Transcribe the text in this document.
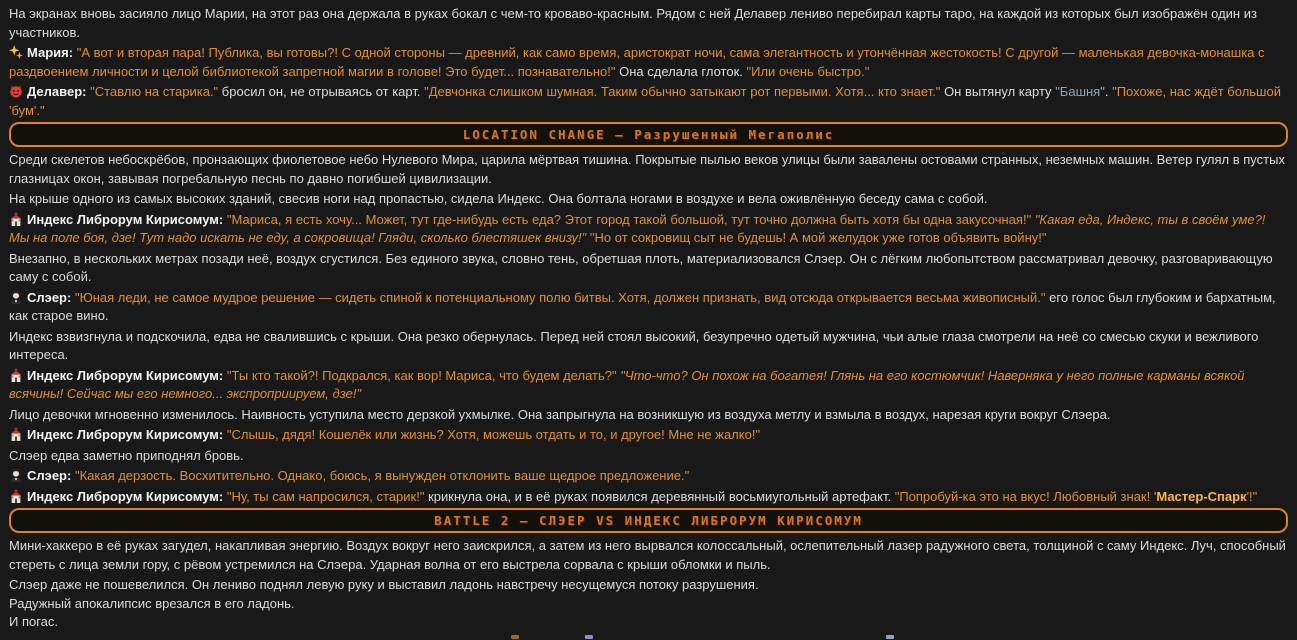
На экранах вновь засияло лицо Марии, на этот раз она держала в руках бокал с чем-то кроваво-красным. Рядом с ней Делавер лениво перебирал карты таро, на каждой из которых был изображён один из участников.

Мария: "А вот и вторая пара! Публика, вы готовы?! С одной стороны — древний, как само время, аристократ ночи, сама элегантность и утончённая жестокость! С другой — маленькая девочка-монашка с раздвоением личности и целой библиотекой запретной магии в голове! Это будет... познавательно!" Она сделала глоток. "Или очень быстро."

Делавер: "Ставлю на старика." бросил он, не отрываясь от карт. "Девчонка слишком шумная. Таким обычно затыкают рот первыми. Хотя... кто знает." Он вытянул карту "Башня". "Похоже, нас ждёт большой 'бум'."

LOCATION CHANGE – Разрушенный Мегаполис

Среди скелетов небоскрёбов, пронзающих фиолетовое небо Нулевого Мира, царила мёртвая тишина. Покрытые пылью веков улицы были завалены остовами странных, неземных машин. Ветер гулял в пустых глазницах окон, завывая погребальную песнь по давно погибшей цивилизации.

На крыше одного из самых высоких зданий, свесив ноги над пропастью, сидела Индекс. Она болтала ногами в воздухе и вела оживлённую беседу сама с собой.

Индекс Либрорум Кирисомум: "Мариса, я есть хочу... Может, тут где-нибудь есть еда? Этот город такой большой, тут точно должна быть хотя бы одна закусочная!" "Какая еда, Индекс, ты в своём уме?! Мы на поле боя, дзе! Тут надо искать не еду, а сокровища! Гляди, сколько блестяшек внизу!" "Но от сокровищ сыт не будешь! А мой желудок уже готов объявить войну!"

Внезапно, в нескольких метрах позади неё, воздух сгустился. Без единого звука, словно тень, обретшая плоть, материализовался Слэер. Он с лёгким любопытством рассматривал девочку, разговаривающую саму с собой.

Слэер: "Юная леди, не самое мудрое решение — сидеть спиной к потенциальному полю битвы. Хотя, должен признать, вид отсюда открывается весьма живописный." его голос был глубоким и бархатным, как старое вино.

Индекс взвизгнула и подскочила, едва не свалившись с крыши. Она резко обернулась. Перед ней стоял высокий, безупречно одетый мужчина, чьи алые глаза смотрели на неё со смесью скуки и вежливого интереса.

Индекс Либрорум Кирисомум: "Ты кто такой?! Подкрался, как вор! Мариса, что будем делать?" "Что-что? Он похож на богатея! Глянь на его костюмчик! Наверняка у него полные карманы всякой всячины! Сейчас мы его немного... экспроприируем, дзе!"

Лицо девочки мгновенно изменилось. Наивность уступила место дерзкой ухмылке. Она запрыгнула на возникшую из воздуха метлу и взмыла в воздух, нарезая круги вокруг Слэера.

Индекс Либрорум Кирисомум: "Слышь, дядя! Кошелёк или жизнь? Хотя, можешь отдать и то, и другое! Мне не жалко!"

Слэер едва заметно приподнял бровь.

Слэер: "Какая дерзость. Восхитительно. Однако, боюсь, я вынужден отклонить ваше щедрое предложение."

Индекс Либрорум Кирисомум: "Ну, ты сам напросился, старик!" крикнула она, и в её руках появился деревянный восьмиугольный артефакт. "Попробуй-ка это на вкус! Любовный знак! 'Мастер-Спарк'!"

BATTLE 2 – СЛЭЕР VS ИНДЕКС ЛИБРОРУМ КИРИСОМУМ

Мини-хаккеро в её руках загудел, накапливая энергию. Воздух вокруг него заискрился, а затем из него вырвался колоссальный, ослепительный лазер радужного света, толщиной с саму Индекс. Луч, способный стереть с лица земли гору, с рёвом устремился на Слэера. Ударная волна от его выстрела сорвала с крыши обломки и пыль.

Слэер даже не пошевелился. Он лениво поднял левую руку и выставил ладонь навстречу несущемуся потоку разрушения.
Радужный апокалипсис врезался в его ладонь.
И погас.
